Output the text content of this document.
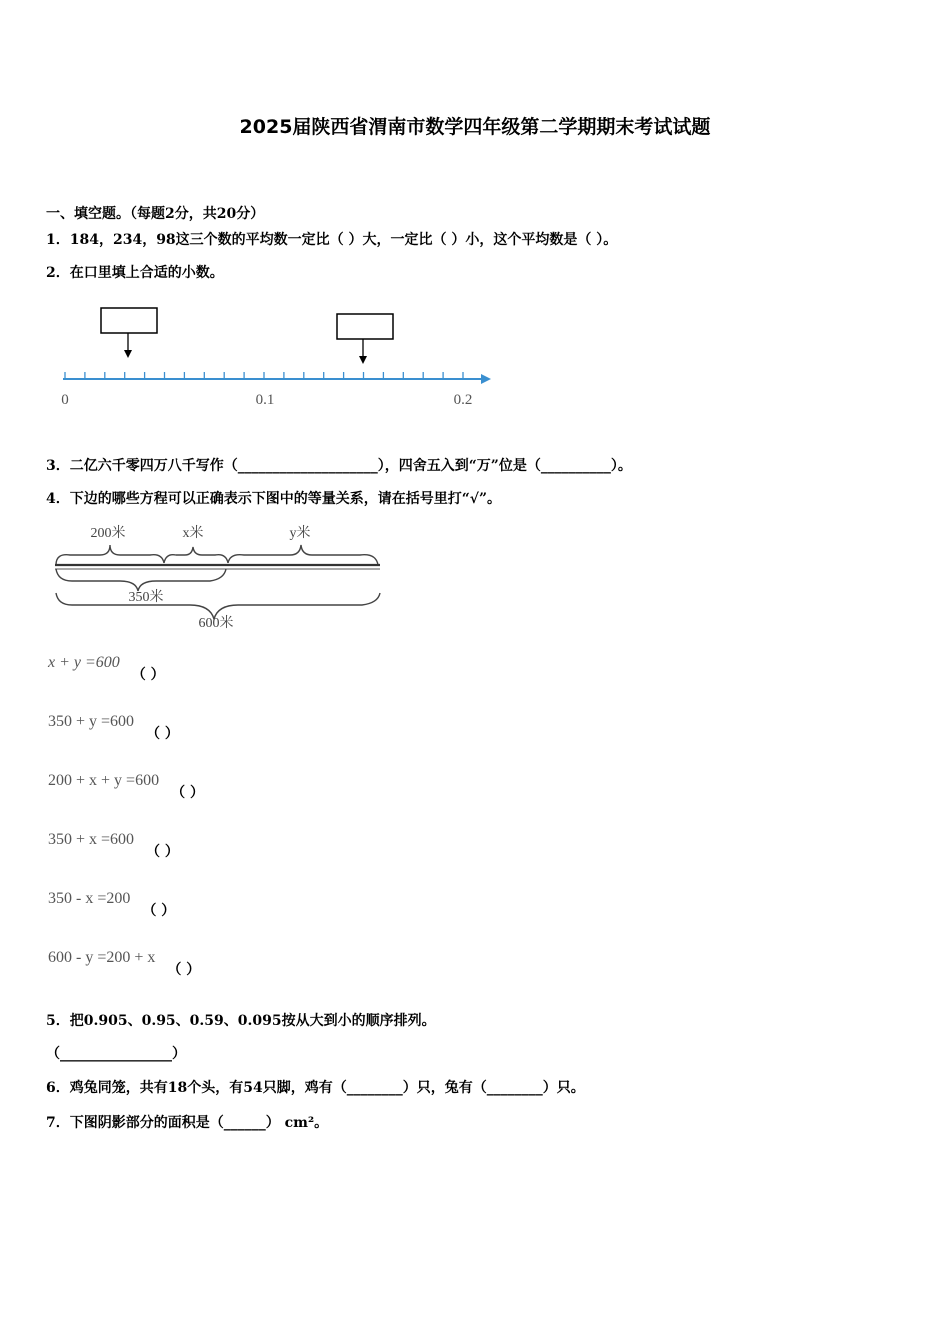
2025届陕西省渭南市数学四年级第二学期期末考试试题
一、填空题。（每题2分，共20分）
1．184，234，98这三个数的平均数一定比（ ）大，一定比（ ）小，这个平均数是（ ）。
2．在口里填上合适的小数。
0	0.1	0.2
3．二亿六千零四万八千写作（____________________），四舍五入到“万”位是（__________）。
4．下边的哪些方程可以正确表示下图中的等量关系，请在括号里打“√”。
200米	x米	y米
350米
600米
x + y =600（ ）
350 + y =600（ ）
200 + x + y =600（ ）
350 + x =600（ ）
350 - x =200（ ）
600 - y =200 + x（ ）
5．把0.905、0.95、0.59、0.095按从大到小的顺序排列。
（________________）
6．鸡兔同笼，共有18个头，有54只脚，鸡有（________）只，兔有（________）只。
7．下图阴影部分的面积是（______） cm²。
